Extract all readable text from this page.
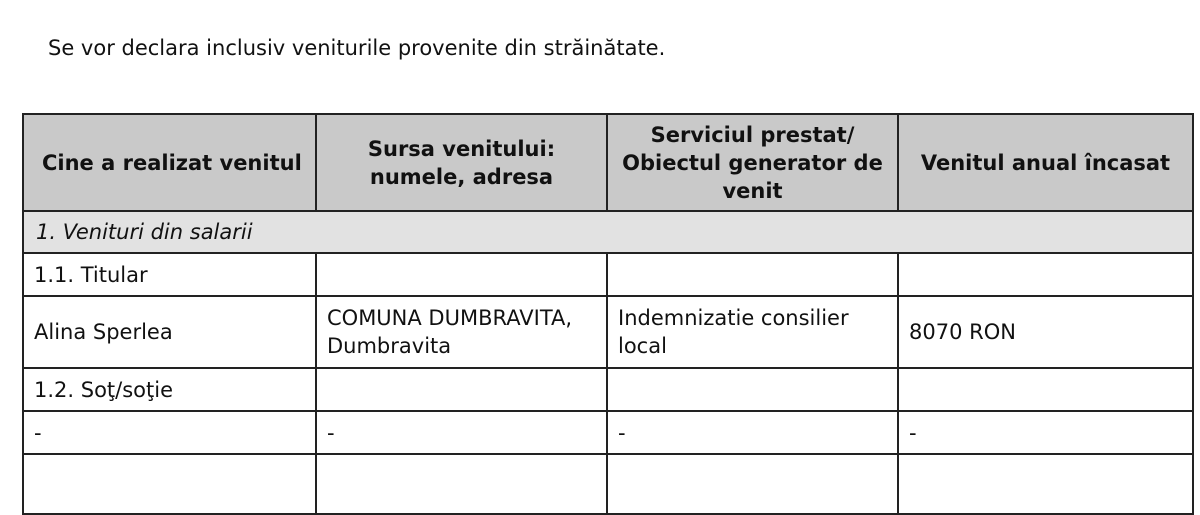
Se vor declara inclusiv veniturile provenite din străinătate.
Cine a realizat venitul	Sursa venitului: numele, adresa	Serviciul prestat/ Obiectul generator de venit	Venitul anual încasat
1. Venituri din salarii			
1.1. Titular			
Alina Sperlea	COMUNA DUMBRAVITA, Dumbravita	Indemnizatie consilier local	8070 RON
1.2. Soţ/soţie			
-	-	-	-
